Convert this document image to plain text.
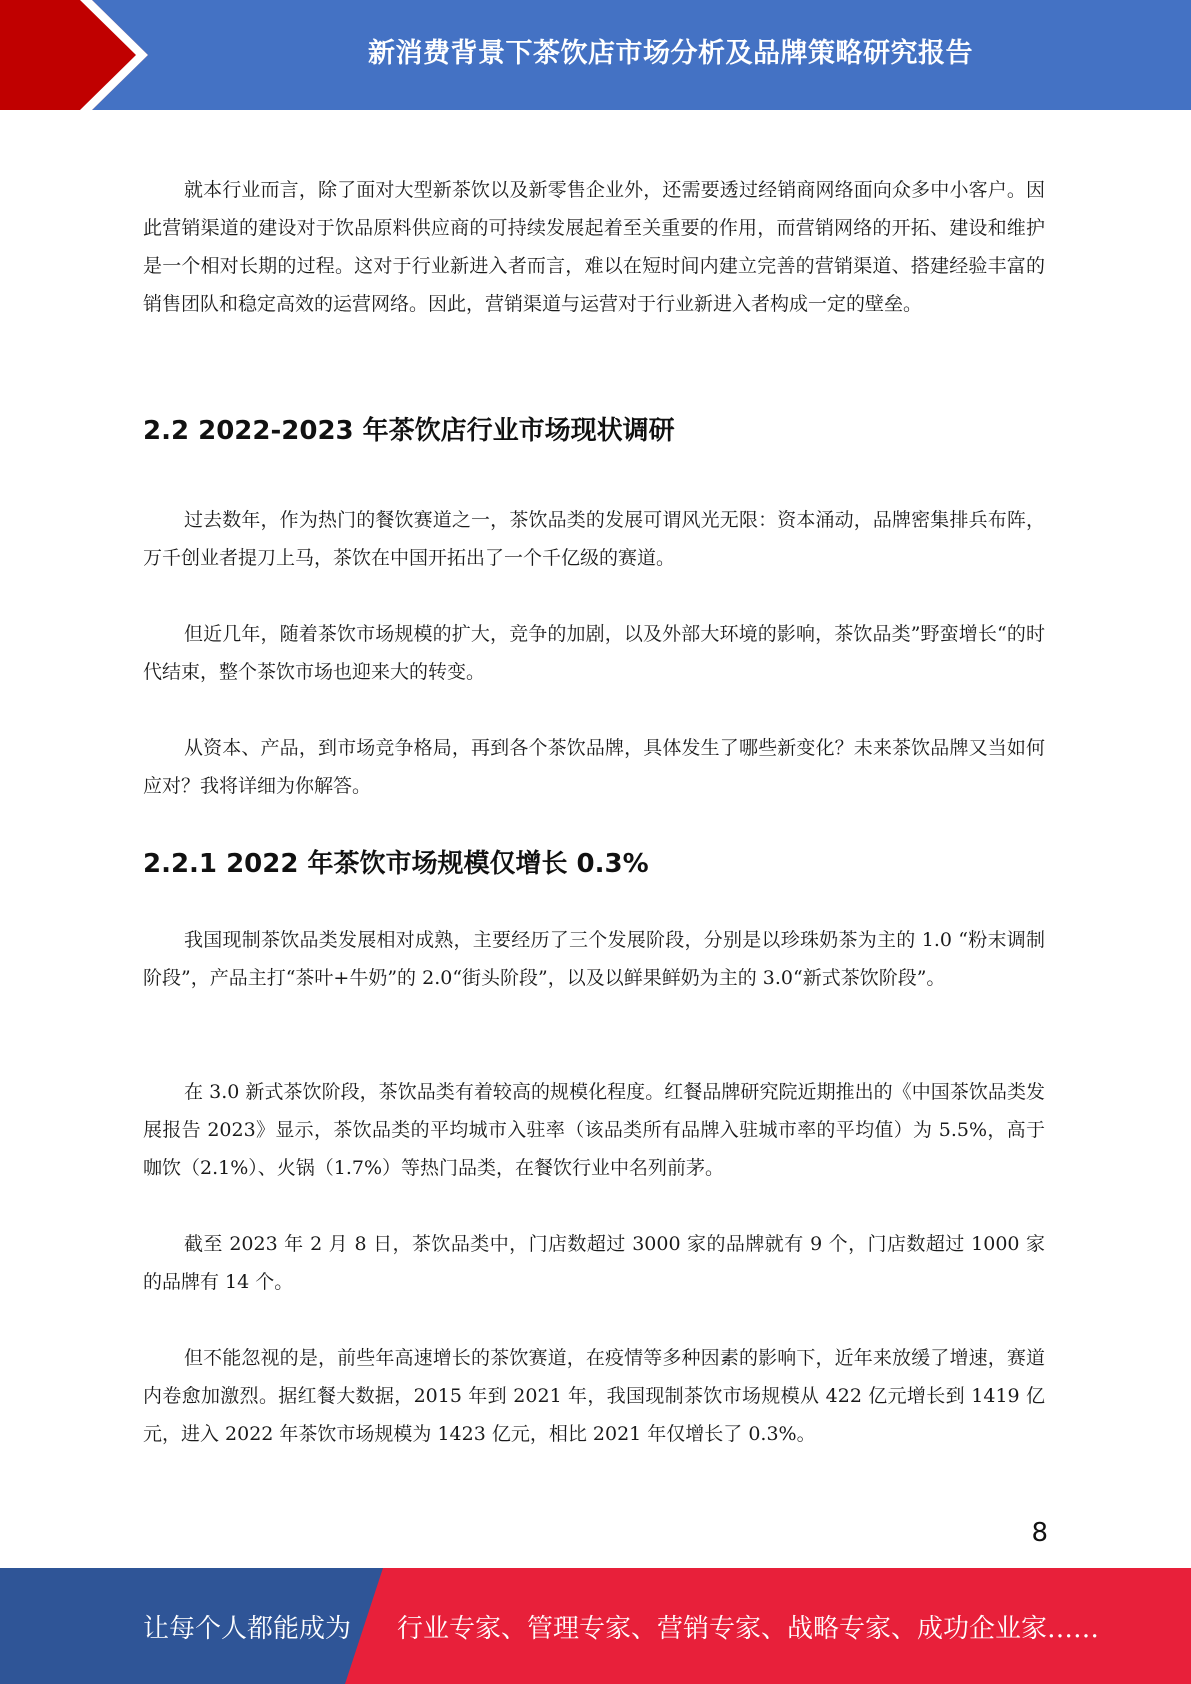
新消费背景下茶饮店市场分析及品牌策略研究报告

就本行业而言，除了面对大型新茶饮以及新零售企业外，还需要透过经销商网络面向众多中小客户。因此营销渠道的建设对于饮品原料供应商的可持续发展起着至关重要的作用，而营销网络的开拓、建设和维护是一个相对长期的过程。这对于行业新进入者而言，难以在短时间内建立完善的营销渠道、搭建经验丰富的销售团队和稳定高效的运营网络。因此，营销渠道与运营对于行业新进入者构成一定的壁垒。

2.2 2022-2023 年茶饮店行业市场现状调研

过去数年，作为热门的餐饮赛道之一，茶饮品类的发展可谓风光无限：资本涌动，品牌密集排兵布阵，万千创业者提刀上马，茶饮在中国开拓出了一个千亿级的赛道。

但近几年，随着茶饮市场规模的扩大，竞争的加剧，以及外部大环境的影响，茶饮品类”野蛮增长“的时代结束，整个茶饮市场也迎来大的转变。

从资本、产品，到市场竞争格局，再到各个茶饮品牌，具体发生了哪些新变化？未来茶饮品牌又当如何应对？我将详细为你解答。

2.2.1 2022 年茶饮市场规模仅增长 0.3%

我国现制茶饮品类发展相对成熟，主要经历了三个发展阶段，分别是以珍珠奶茶为主的 1.0 “粉末调制阶段”，产品主打“茶叶+牛奶”的 2.0“街头阶段”，以及以鲜果鲜奶为主的 3.0“新式茶饮阶段”。

在 3.0 新式茶饮阶段，茶饮品类有着较高的规模化程度。红餐品牌研究院近期推出的《中国茶饮品类发展报告 2023》显示，茶饮品类的平均城市入驻率（该品类所有品牌入驻城市率的平均值）为 5.5%，高于咖饮（2.1%）、火锅（1.7%）等热门品类，在餐饮行业中名列前茅。

截至 2023 年 2 月 8 日，茶饮品类中，门店数超过 3000 家的品牌就有 9 个，门店数超过 1000 家的品牌有 14 个。

但不能忽视的是，前些年高速增长的茶饮赛道，在疫情等多种因素的影响下，近年来放缓了增速，赛道内卷愈加激烈。据红餐大数据，2015 年到 2021 年，我国现制茶饮市场规模从 422 亿元增长到 1419 亿元，进入 2022 年茶饮市场规模为 1423 亿元，相比 2021 年仅增长了 0.3%。

8
让每个人都能成为 行业专家、管理专家、营销专家、战略专家、成功企业家……
